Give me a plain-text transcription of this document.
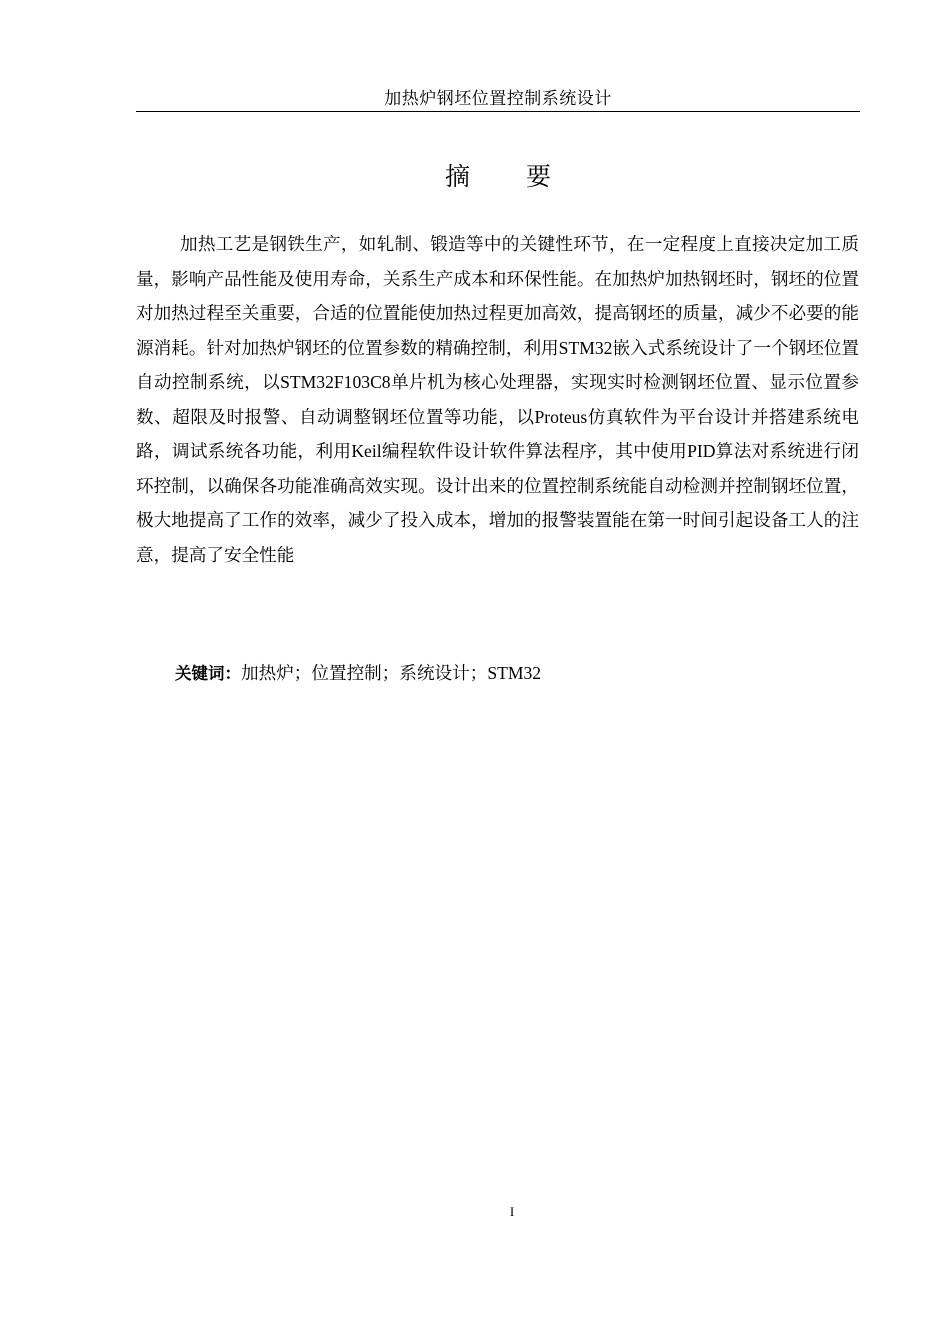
加热炉钢坯位置控制系统设计
摘 要

加热工艺是钢铁生产，如轧制、锻造等中的关键性环节，在一定程度上直接决定加工质量，影响产品性能及使用寿命，关系生产成本和环保性能。在加热炉加热钢坯时，钢坯的位置对加热过程至关重要，合适的位置能使加热过程更加高效，提高钢坯的质量，减少不必要的能源消耗。针对加热炉钢坯的位置参数的精确控制，利用STM32嵌入式系统设计了一个钢坯位置自动控制系统，以STM32F103C8单片机为核心处理器，实现实时检测钢坯位置、显示位置参数、超限及时报警、自动调整钢坯位置等功能，以Proteus仿真软件为平台设计并搭建系统电路，调试系统各功能，利用Keil编程软件设计软件算法程序，其中使用PID算法对系统进行闭环控制，以确保各功能准确高效实现。设计出来的位置控制系统能自动检测并控制钢坯位置，极大地提高了工作的效率，减少了投入成本，增加的报警装置能在第一时间引起设备工人的注意，提高了安全性能

关键词：加热炉；位置控制；系统设计；STM32
I
